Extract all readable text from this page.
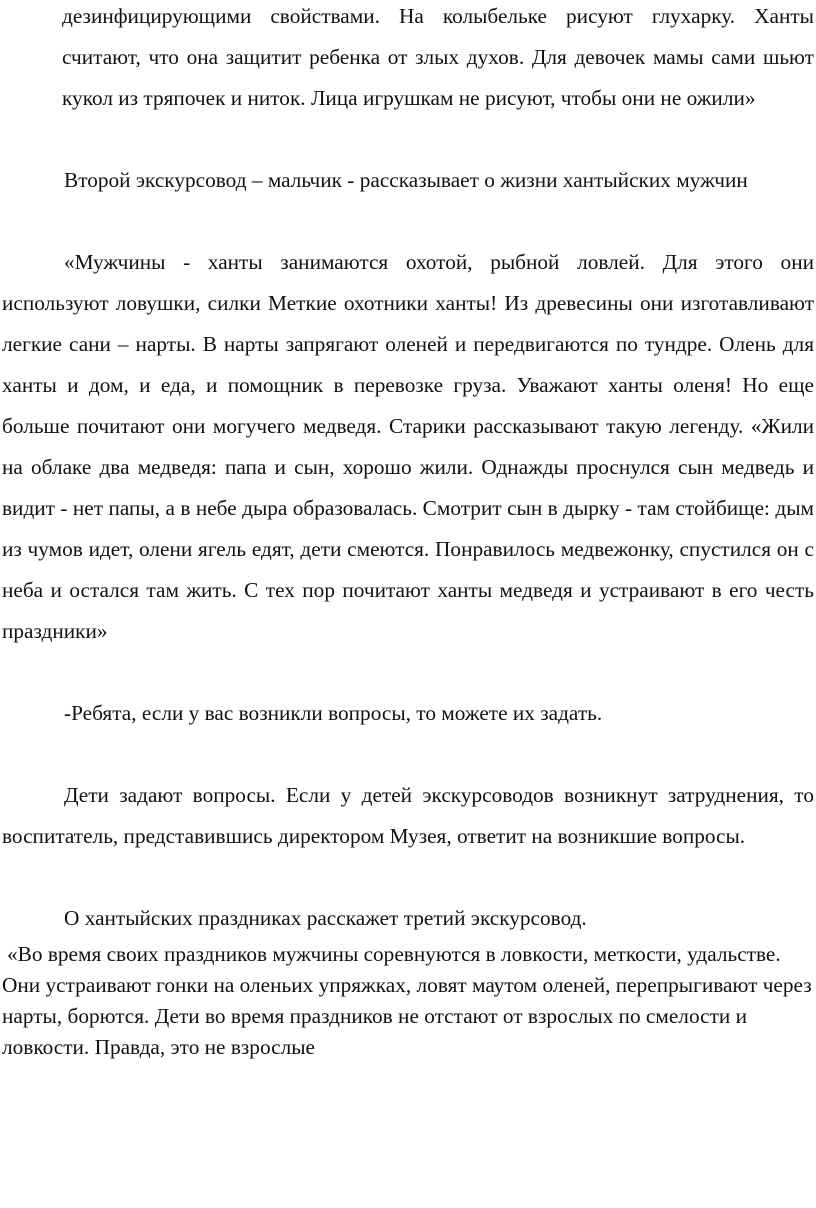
дезинфицирующими свойствами. На колыбельке рисуют глухарку. Ханты считают, что она защитит ребенка от злых духов. Для девочек мамы сами шьют кукол из тряпочек и ниток. Лица игрушкам не рисуют, чтобы они не ожили»

Второй экскурсовод – мальчик - рассказывает о жизни хантыйских мужчин

«Мужчины - ханты занимаются охотой, рыбной ловлей. Для этого они используют ловушки, силки Меткие охотники ханты! Из древесины они изготавливают легкие сани – нарты. В нарты запрягают оленей и передвигаются по тундре. Олень для ханты и дом, и еда, и помощник в перевозке груза. Уважают ханты оленя! Но еще больше почитают они могучего медведя. Старики рассказывают такую легенду. «Жили на облаке два медведя: папа и сын, хорошо жили. Однажды проснулся сын медведь и видит - нет папы, а в небе дыра образовалась. Смотрит сын в дырку - там стойбище: дым из чумов идет, олени ягель едят, дети смеются. Понравилось медвежонку, спустился он с неба и остался там жить. С тех пор почитают ханты медведя и устраивают в его честь праздники»

-Ребята, если у вас возникли вопросы, то можете их задать.

Дети задают вопросы. Если у детей экскурсоводов возникнут затруднения, то воспитатель, представившись директором Музея, ответит на возникшие вопросы.

О хантыйских праздниках расскажет третий экскурсовод.

«Во время своих праздников мужчины соревнуются в ловкости, меткости, удальстве. Они устраивают гонки на оленьих упряжках, ловят маутом оленей, перепрыгивают через нарты, борются. Дети во время праздников не отстают от взрослых по смелости и ловкости. Правда, это не взрослые
